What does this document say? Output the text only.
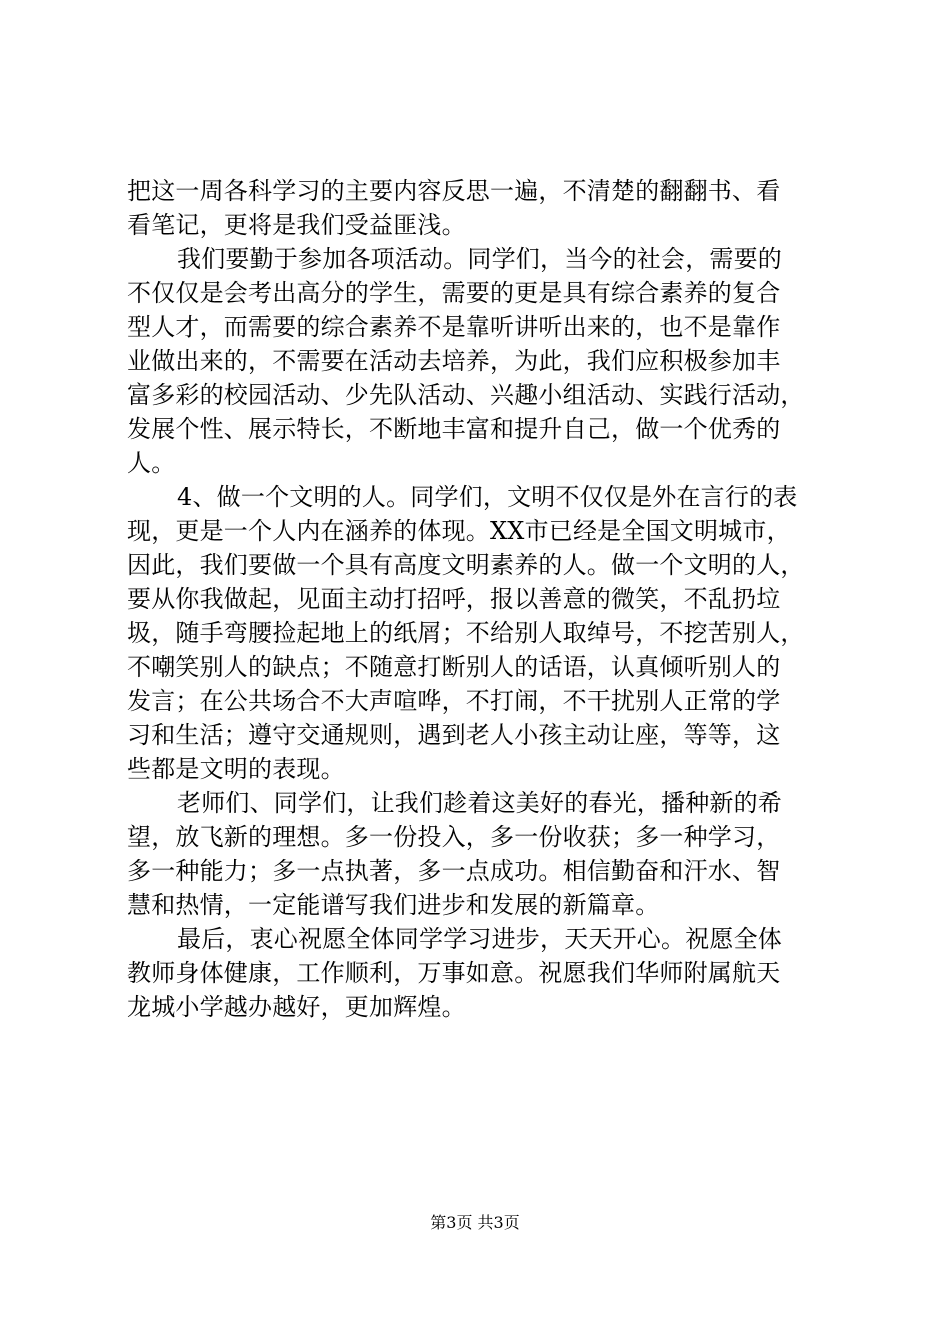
把这一周各科学习的主要内容反思一遍，不清楚的翻翻书、看
看笔记，更将是我们受益匪浅。
我们要勤于参加各项活动。同学们，当今的社会，需要的
不仅仅是会考出高分的学生，需要的更是具有综合素养的复合
型人才，而需要的综合素养不是靠听讲听出来的，也不是靠作
业做出来的，不需要在活动去培养，为此，我们应积极参加丰
富多彩的校园活动、少先队活动、兴趣小组活动、实践行活动，
发展个性、展示特长，不断地丰富和提升自己，做一个优秀的
人。
4、做一个文明的人。同学们，文明不仅仅是外在言行的表
现，更是一个人内在涵养的体现。XX市已经是全国文明城市，
因此，我们要做一个具有高度文明素养的人。做一个文明的人，
要从你我做起，见面主动打招呼，报以善意的微笑，不乱扔垃
圾，随手弯腰捡起地上的纸屑；不给别人取绰号，不挖苦别人，
不嘲笑别人的缺点；不随意打断别人的话语，认真倾听别人的
发言；在公共场合不大声喧哗，不打闹，不干扰别人正常的学
习和生活；遵守交通规则，遇到老人小孩主动让座，等等，这
些都是文明的表现。
老师们、同学们，让我们趁着这美好的春光，播种新的希
望，放飞新的理想。多一份投入，多一份收获；多一种学习，
多一种能力；多一点执著，多一点成功。相信勤奋和汗水、智
慧和热情，一定能谱写我们进步和发展的新篇章。
最后，衷心祝愿全体同学学习进步，天天开心。祝愿全体
教师身体健康，工作顺利，万事如意。祝愿我们华师附属航天
龙城小学越办越好，更加辉煌。
第3页 共3页
